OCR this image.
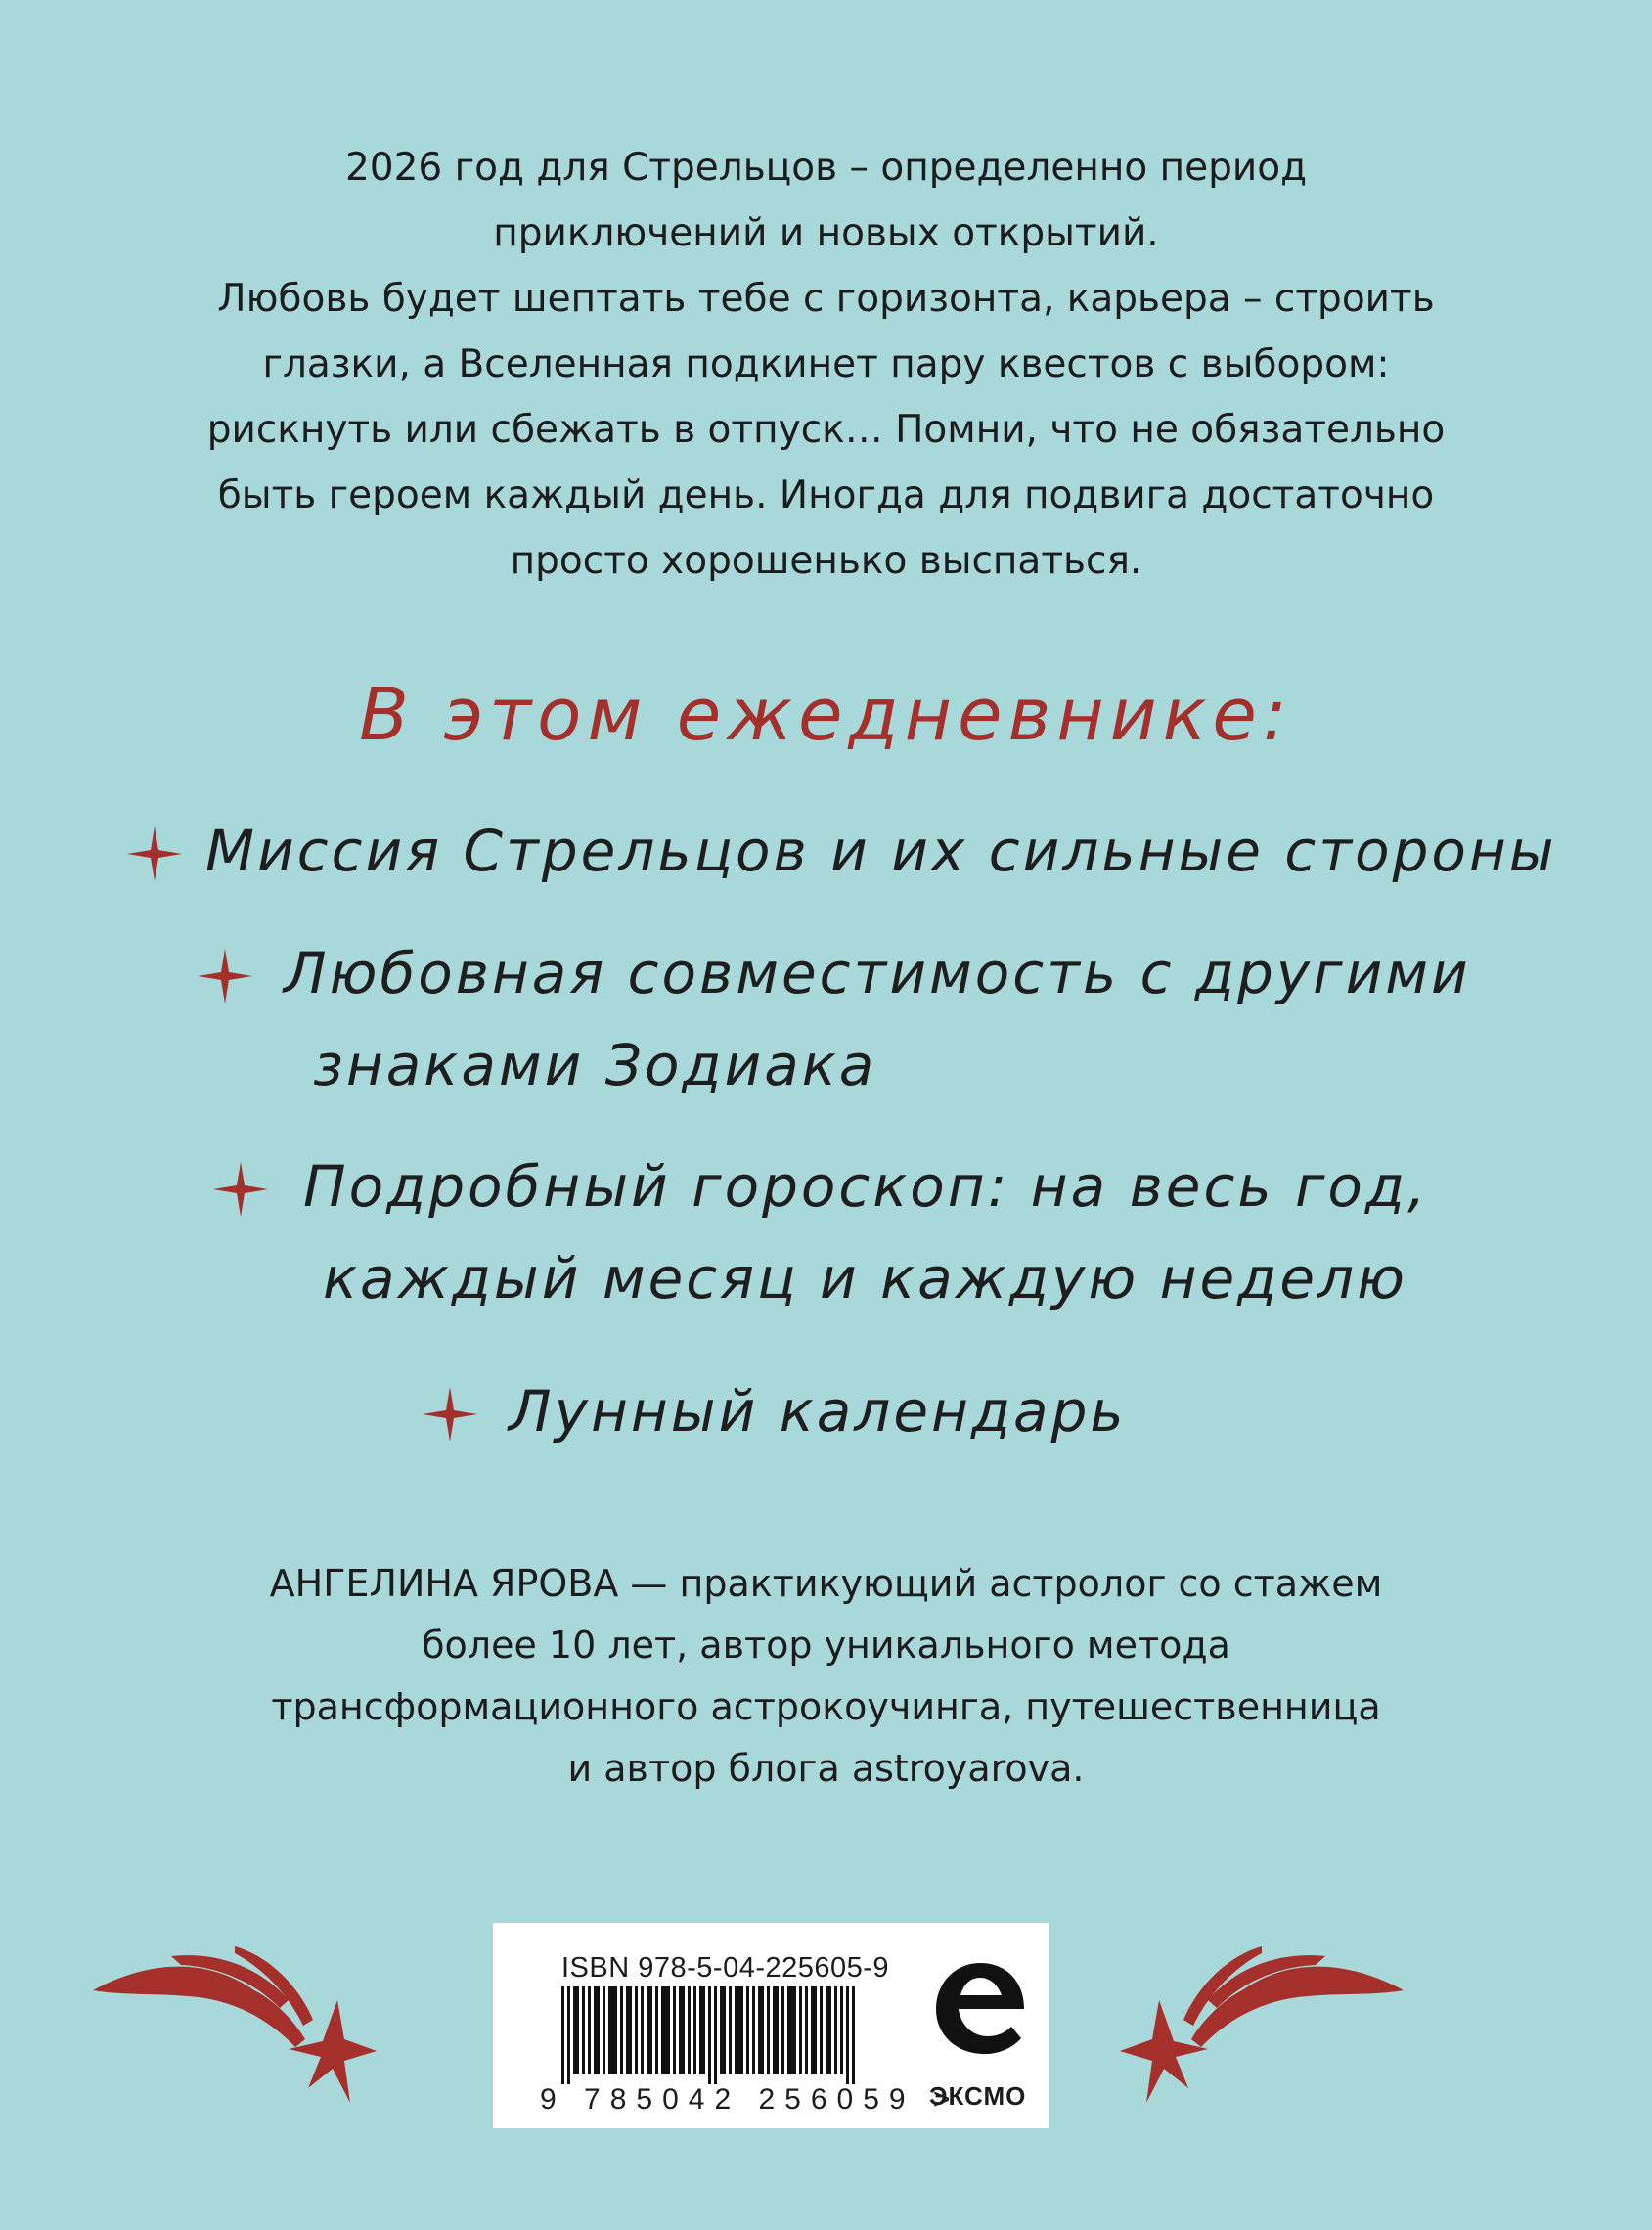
2026 год для Стрельцов – определенно период
приключений и новых открытий.
Любовь будет шептать тебе с горизонта, карьера – строить
глазки, а Вселенная подкинет пару квестов с выбором:
рискнуть или сбежать в отпуск… Помни, что не обязательно
быть героем каждый день. Иногда для подвига достаточно
просто хорошенько выспаться.
В этом ежедневнике:
Миссия Стрельцов и их сильные стороны
Любовная совместимость с другими
знаками Зодиака
Подробный гороскоп: на весь год,
каждый месяц и каждую неделю
Лунный календарь
АНГЕЛИНА ЯРОВА — практикующий астролог со стажем
более 10 лет, автор уникального метода
трансформационного астрокоучинга, путешественница
и автор блога astroyarova.
ISBN 978-5-04-225605-9
9 785042 256059 >
ЭКСМО
